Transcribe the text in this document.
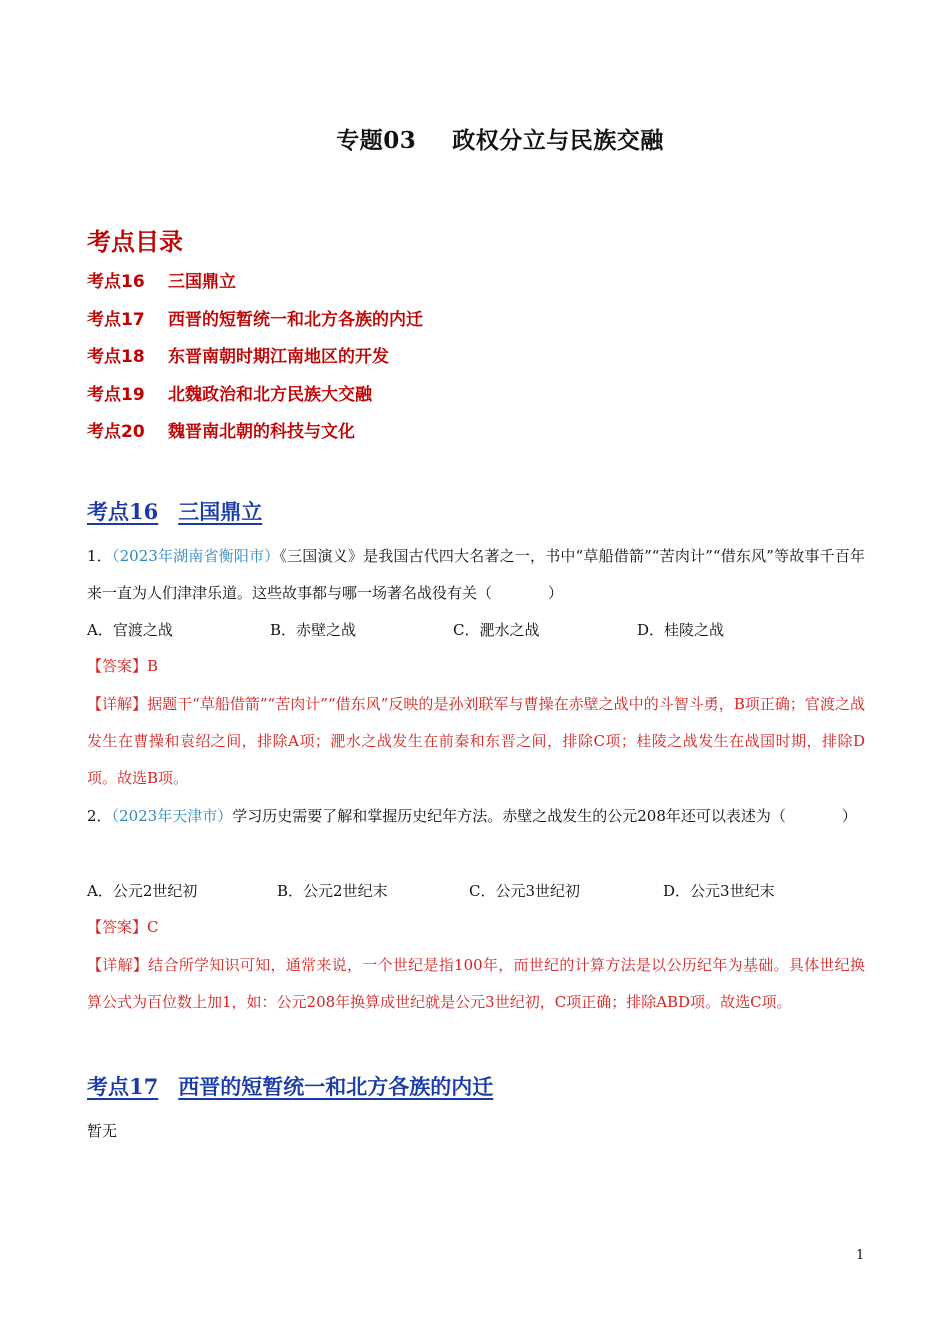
专题03 政权分立与民族交融
考点目录
考点16 三国鼎立
考点17 西晋的短暂统一和北方各族的内迁
考点18 东晋南朝时期江南地区的开发
考点19 北魏政治和北方民族大交融
考点20 魏晋南北朝的科技与文化
考点16 三国鼎立

1．（2023年湖南省衡阳市）《三国演义》是我国古代四大名著之一，书中“草船借箭”“苦肉计”“借东风”等故事千百年来一直为人们津津乐道。这些故事都与哪一场著名战役有关（	）

A．官渡之战	B．赤壁之战	C．淝水之战	D．桂陵之战
【答案】B

【详解】据题干“草船借箭”“苦肉计”“借东风”反映的是孙刘联军与曹操在赤壁之战中的斗智斗勇，B项正确；官渡之战发生在曹操和袁绍之间，排除A项；淝水之战发生在前秦和东晋之间，排除C项；桂陵之战发生在战国时期，排除D项。故选B项。

2．（2023年天津市）学习历史需要了解和掌握历史纪年方法。赤壁之战发生的公元208年还可以表述为（	）

A．公元2世纪初	B．公元2世纪末	C．公元3世纪初	D．公元3世纪末
【答案】C

【详解】结合所学知识可知，通常来说，一个世纪是指100年，而世纪的计算方法是以公历纪年为基础。具体世纪换算公式为百位数上加1，如：公元208年换算成世纪就是公元3世纪初，C项正确；排除ABD项。故选C项。

考点17 西晋的短暂统一和北方各族的内迁
暂无
1
